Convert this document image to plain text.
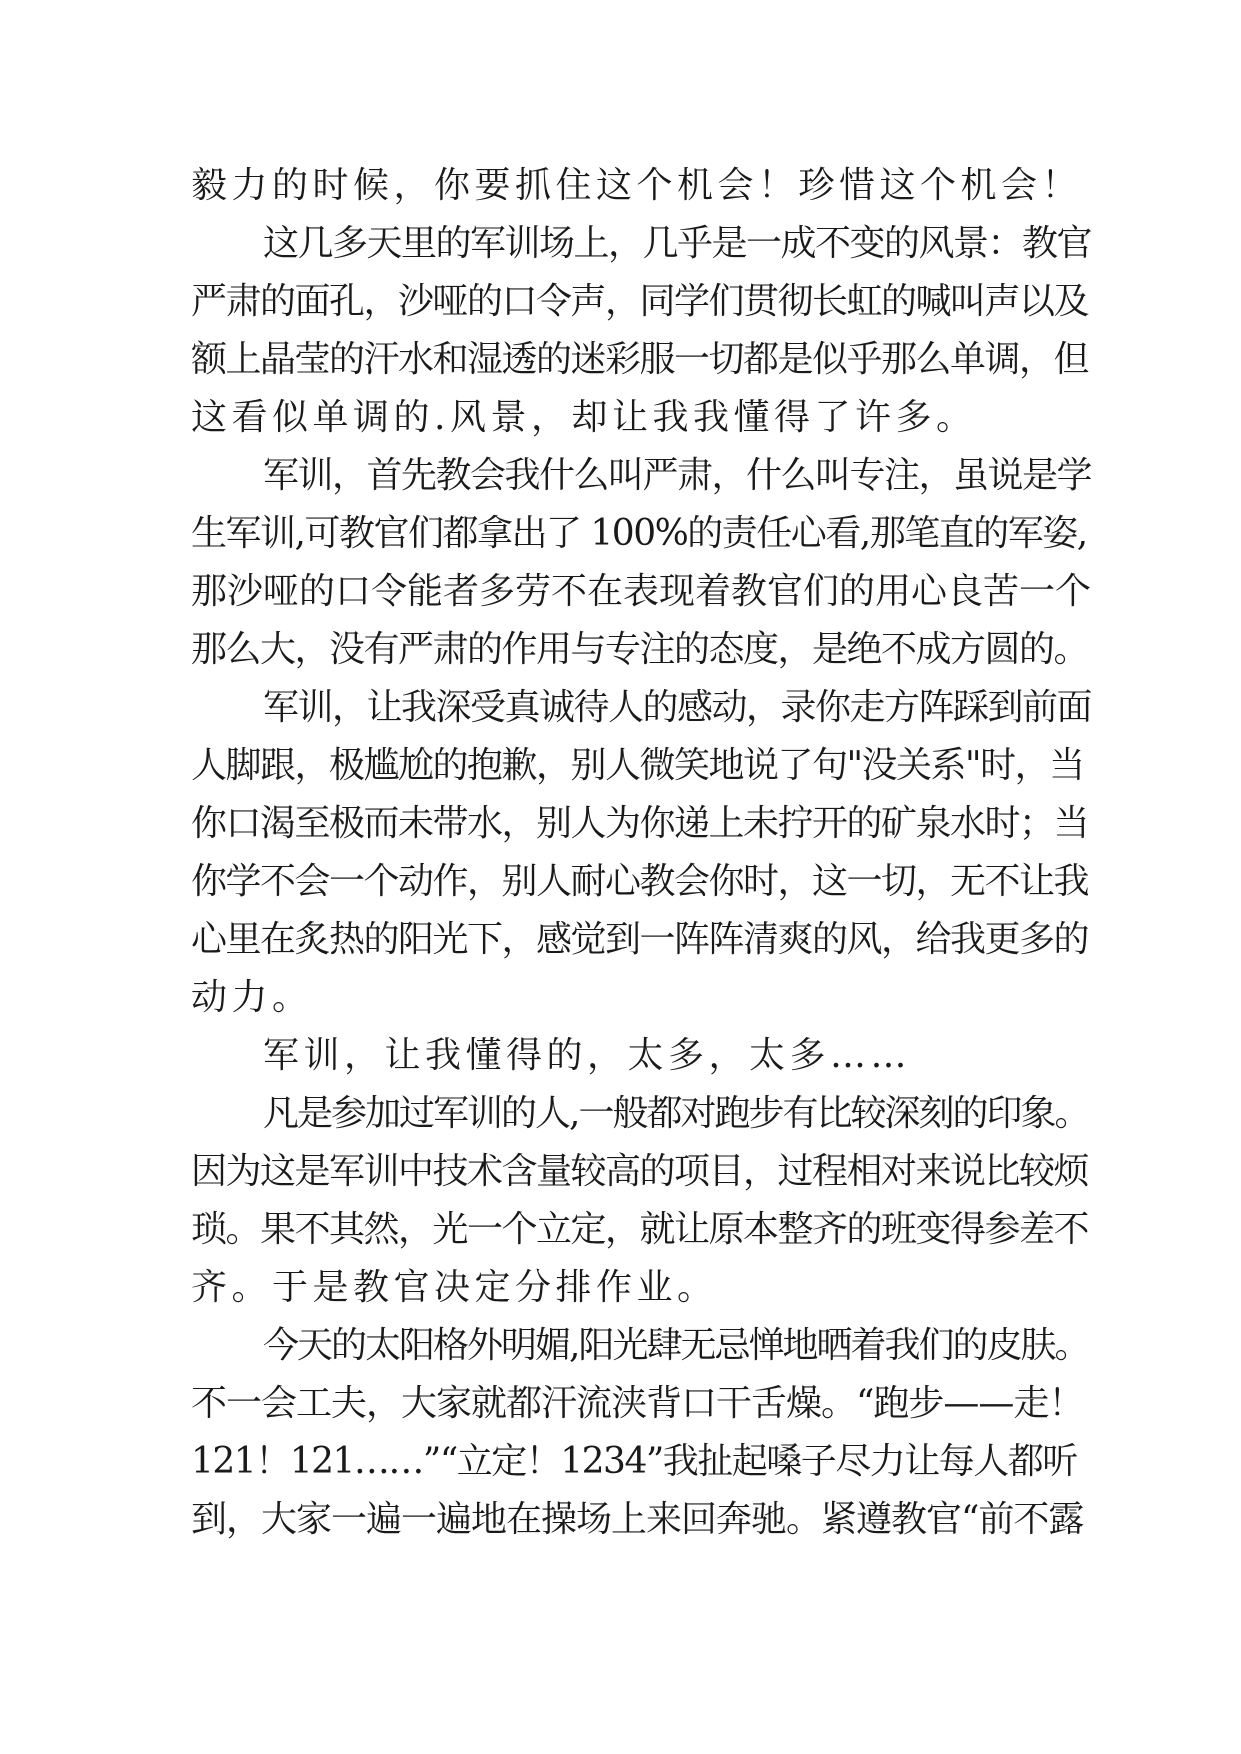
毅力的时候，你要抓住这个机会！珍惜这个机会！
这几多天里的军训场上，几乎是一成不变的风景：教官
严肃的面孔，沙哑的口令声，同学们贯彻长虹的喊叫声以及
额上晶莹的汗水和湿透的迷彩服一切都是似乎那么单调，但
这看似单调的.风景，却让我我懂得了许多。
军训，首先教会我什么叫严肃，什么叫专注，虽说是学
生军训,可教官们都拿出了 100%的责任心看,那笔直的军姿,
那沙哑的口令能者多劳不在表现着教官们的用心良苦一个
那么大，没有严肃的作用与专注的态度，是绝不成方圆的。
军训，让我深受真诚待人的感动，录你走方阵踩到前面
人脚跟，极尴尬的抱歉，别人微笑地说了句"没关系"时，当
你口渴至极而未带水，别人为你递上未拧开的矿泉水时；当
你学不会一个动作，别人耐心教会你时，这一切，无不让我
心里在炙热的阳光下，感觉到一阵阵清爽的风，给我更多的
动力。
军训，让我懂得的，太多，太多……
凡是参加过军训的人,一般都对跑步有比较深刻的印象。
因为这是军训中技术含量较高的项目，过程相对来说比较烦
琐。果不其然，光一个立定，就让原本整齐的班变得参差不
齐。于是教官决定分排作业。
今天的太阳格外明媚,阳光肆无忌惮地晒着我们的皮肤。
不一会工夫，大家就都汗流浃背口干舌燥。“跑步——走！
121！121……”“立定！1234”我扯起嗓子尽力让每人都听
到，大家一遍一遍地在操场上来回奔驰。紧遵教官“前不露
